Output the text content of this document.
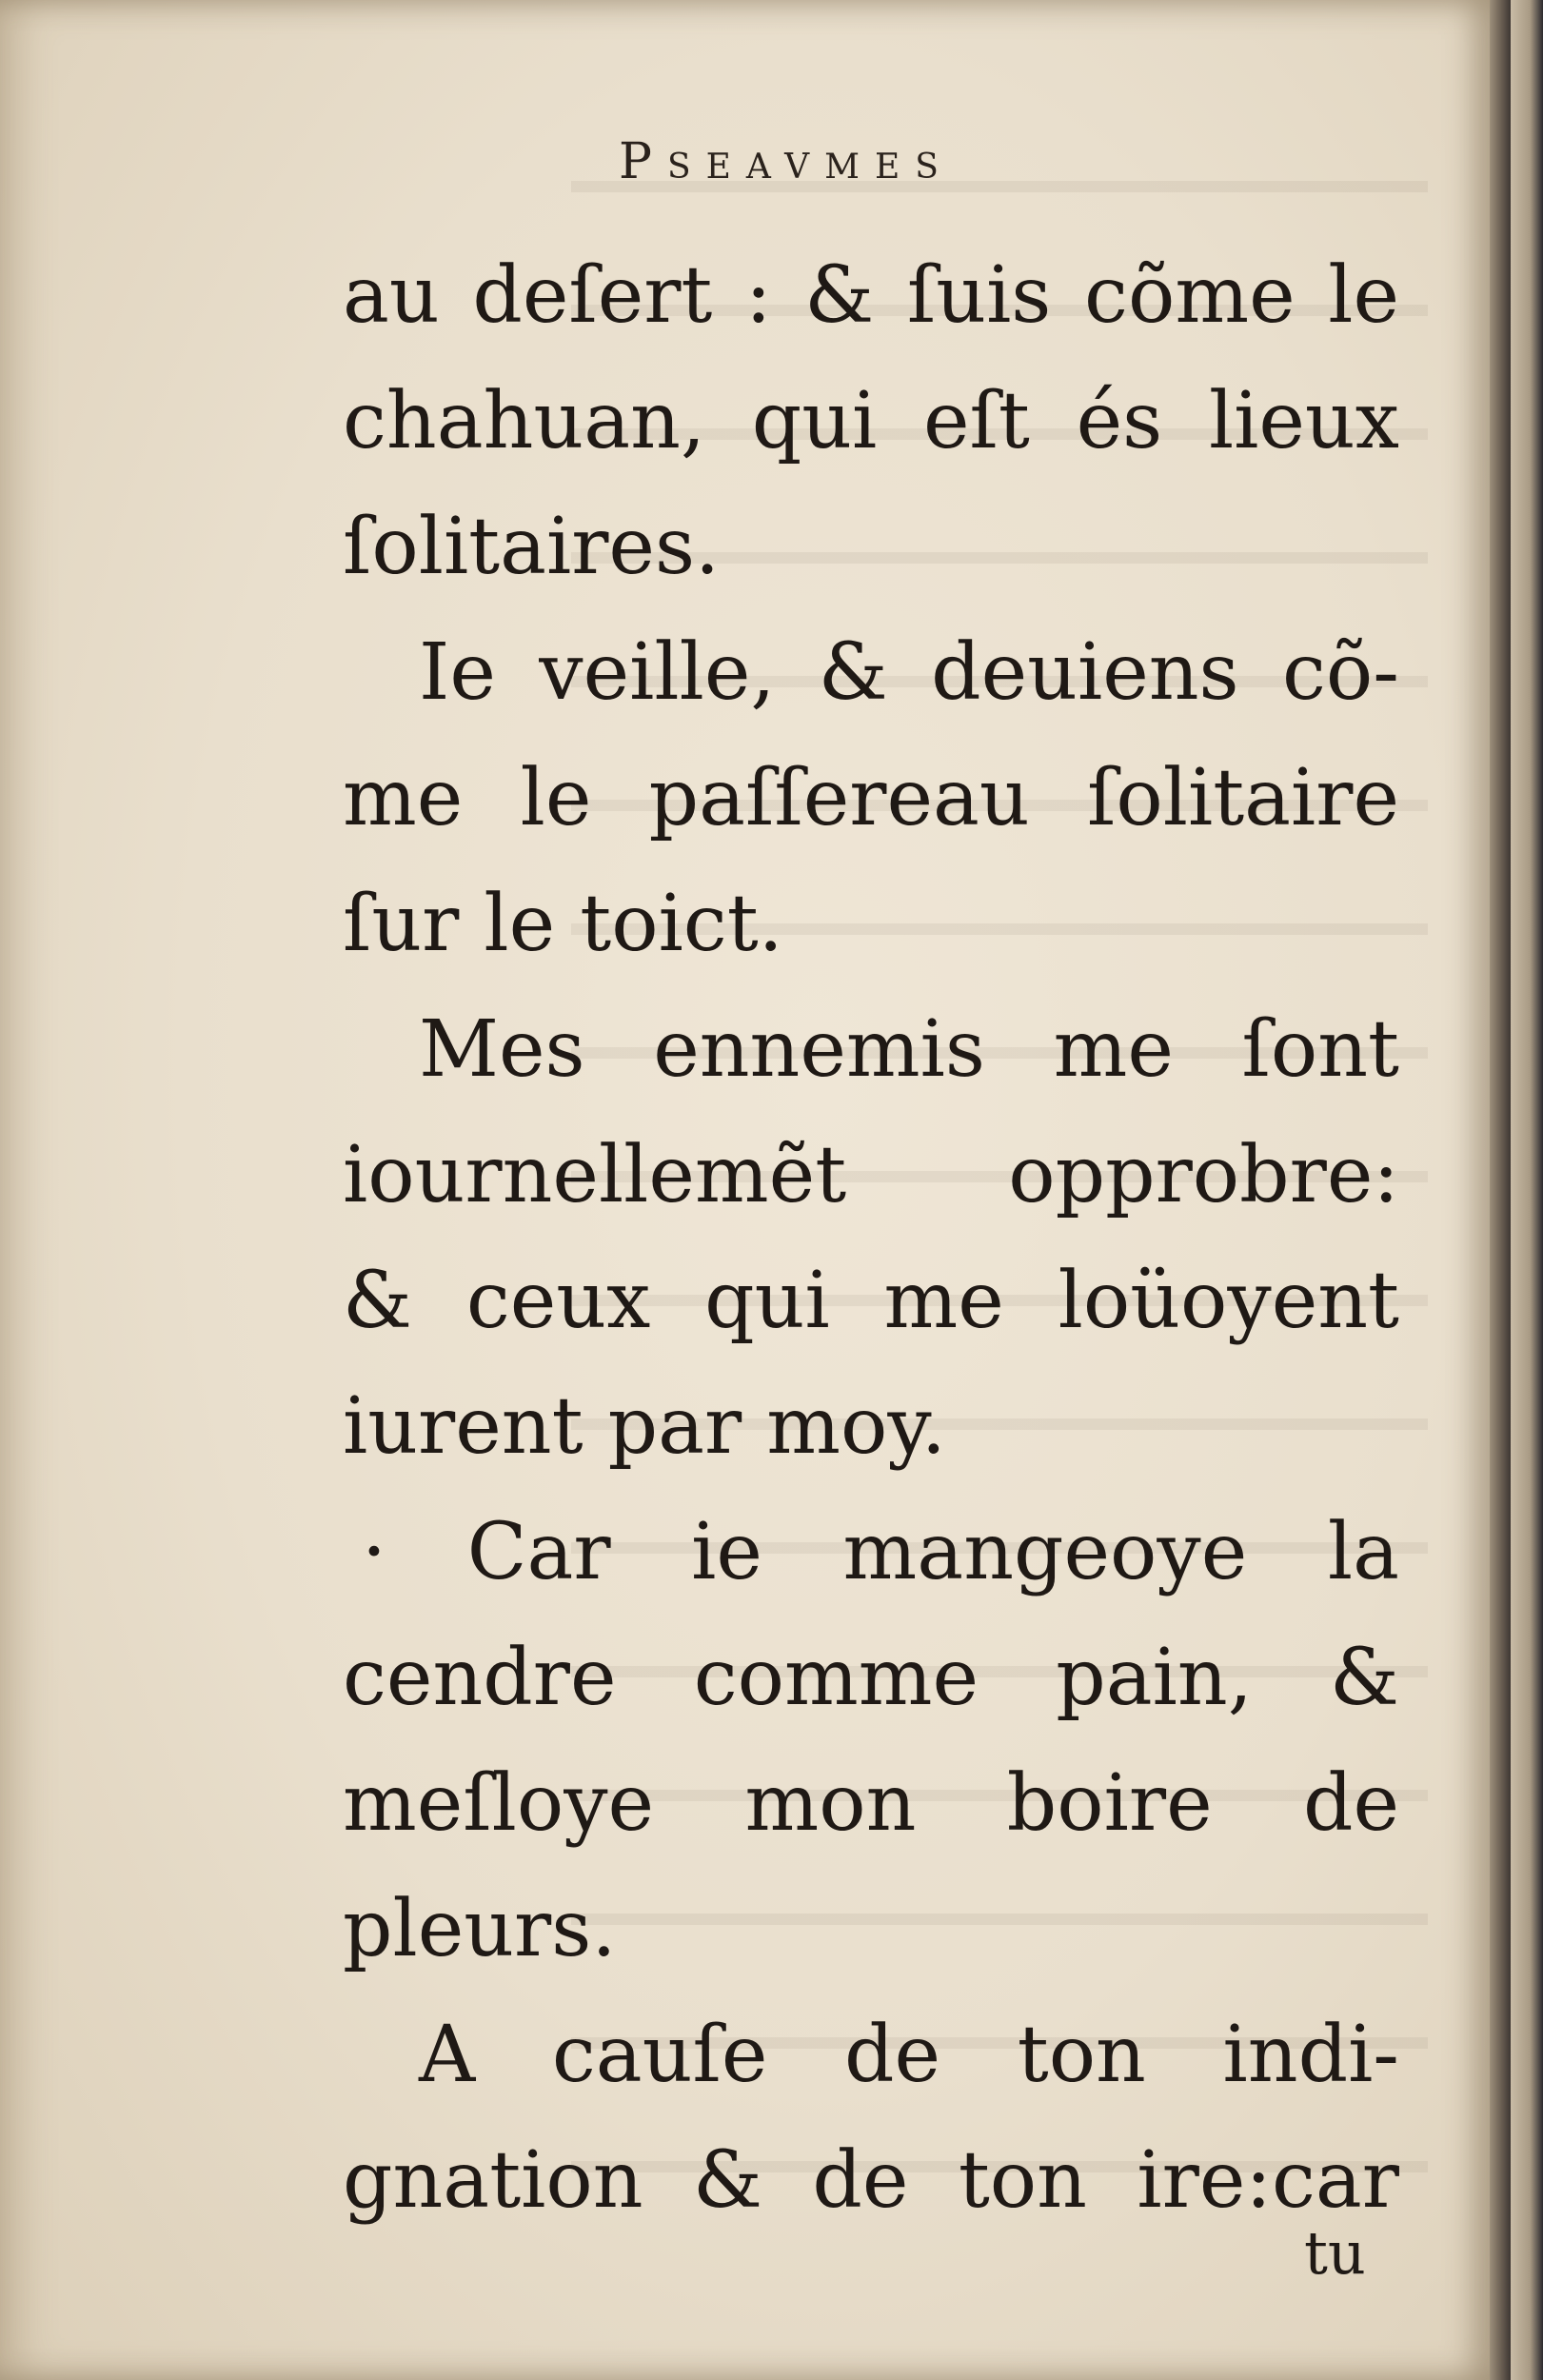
Pseavmes
au deſert : & ſuis cõme le
chahuan, qui eſt és lieux
ſolitaires.
Ie veille, & deuiens cõ-
me le paſſereau ſolitaire
ſur le toict.
Mes ennemis me ſont
iournellemẽt opprobre:
& ceux qui me loüoyent
iurent par moy.
· Car ie mangeoye la
cendre comme pain, &
meſloye mon boire de
pleurs.
A cauſe de ton indi-
gnation & de ton ire:car
tu
